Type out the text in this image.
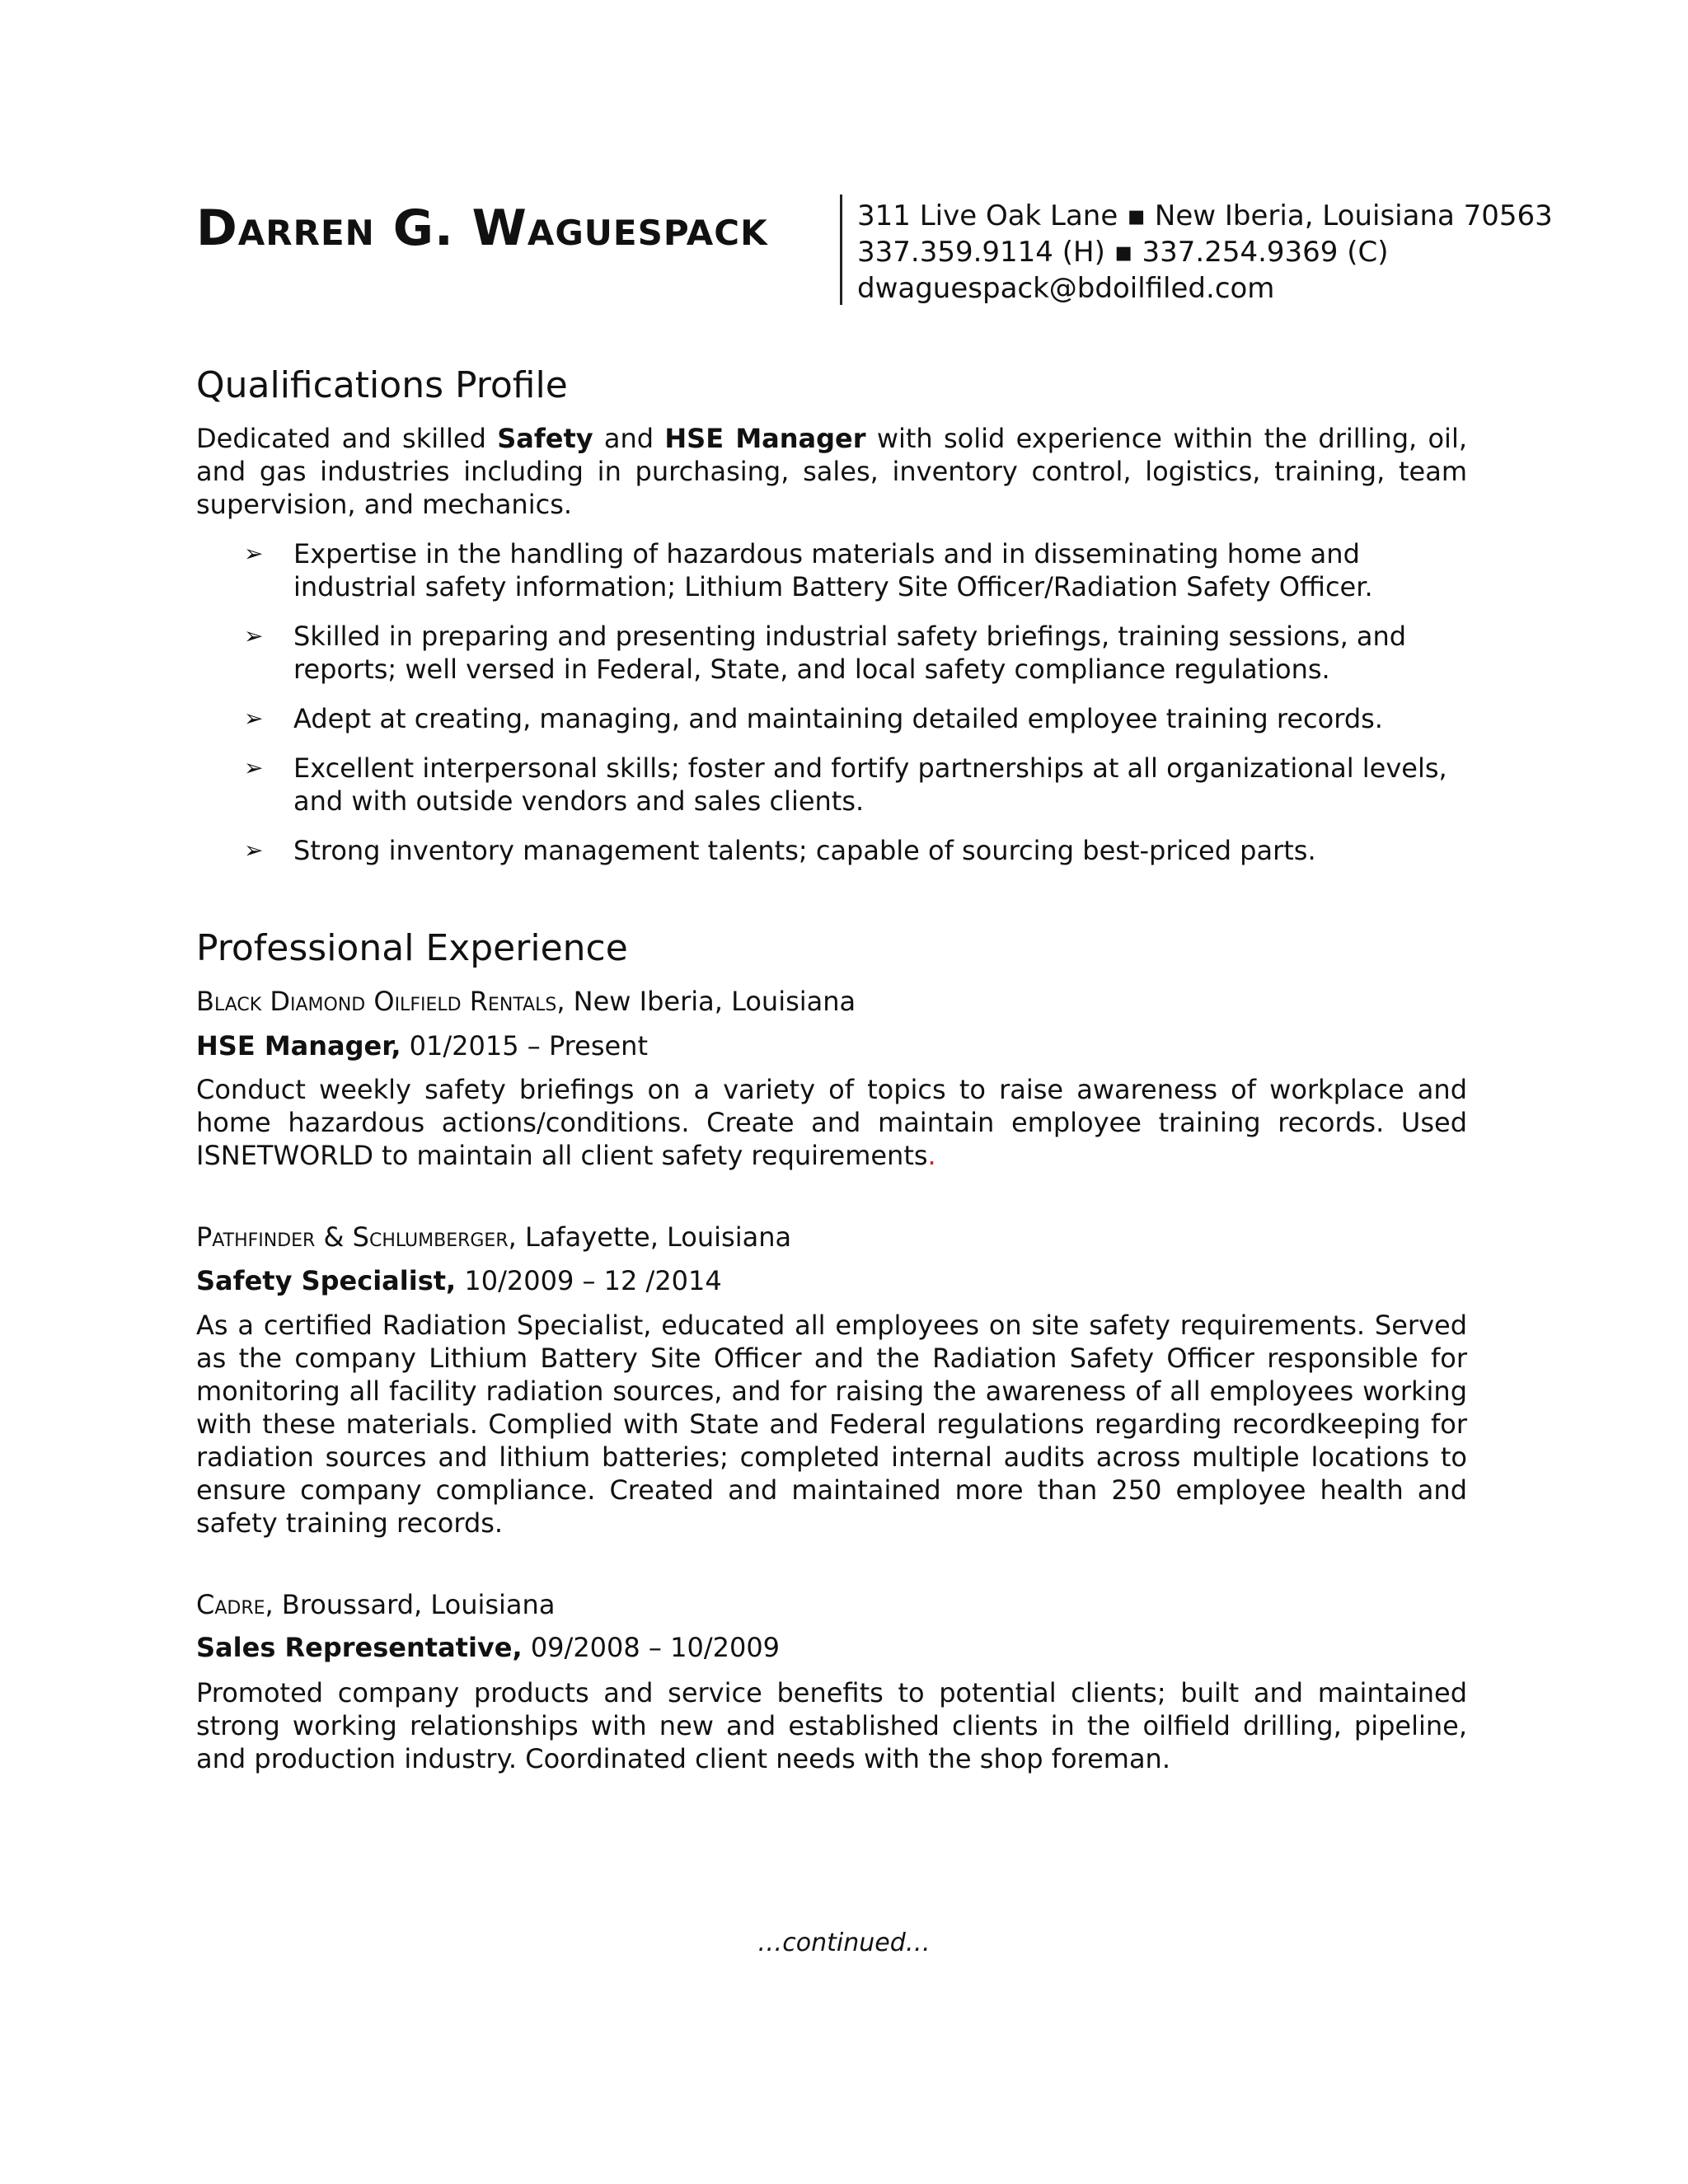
Darren G. Waguespack	311 Live Oak Lane ▪ New Iberia, Louisiana 70563
337.359.9114 (H) ▪ 337.254.9369 (C)
dwaguespack@bdoilfiled.com
Qualifications Profile
Dedicated and skilled Safety and HSE Manager with solid experience within the drilling, oil, and gas industries including in purchasing, sales, inventory control, logistics, training, team supervision, and mechanics.
➢ Expertise in the handling of hazardous materials and in disseminating home and industrial safety information; Lithium Battery Site Officer/Radiation Safety Officer.
➢ Skilled in preparing and presenting industrial safety briefings, training sessions, and reports; well versed in Federal, State, and local safety compliance regulations.
➢ Adept at creating, managing, and maintaining detailed employee training records.
➢ Excellent interpersonal skills; foster and fortify partnerships at all organizational levels, and with outside vendors and sales clients.
➢ Strong inventory management talents; capable of sourcing best-priced parts.
Professional Experience
Black Diamond Oilfield Rentals, New Iberia, Louisiana
HSE Manager, 01/2015 – Present
Conduct weekly safety briefings on a variety of topics to raise awareness of workplace and home hazardous actions/conditions. Create and maintain employee training records. Used ISNETWORLD to maintain all client safety requirements.
Pathfinder & Schlumberger, Lafayette, Louisiana
Safety Specialist, 10/2009 – 12 /2014
As a certified Radiation Specialist, educated all employees on site safety requirements. Served as the company Lithium Battery Site Officer and the Radiation Safety Officer responsible for monitoring all facility radiation sources, and for raising the awareness of all employees working with these materials. Complied with State and Federal regulations regarding recordkeeping for radiation sources and lithium batteries; completed internal audits across multiple locations to ensure company compliance. Created and maintained more than 250 employee health and safety training records.
Cadre, Broussard, Louisiana
Sales Representative, 09/2008 – 10/2009
Promoted company products and service benefits to potential clients; built and maintained strong working relationships with new and established clients in the oilfield drilling, pipeline, and production industry. Coordinated client needs with the shop foreman.
…continued…
